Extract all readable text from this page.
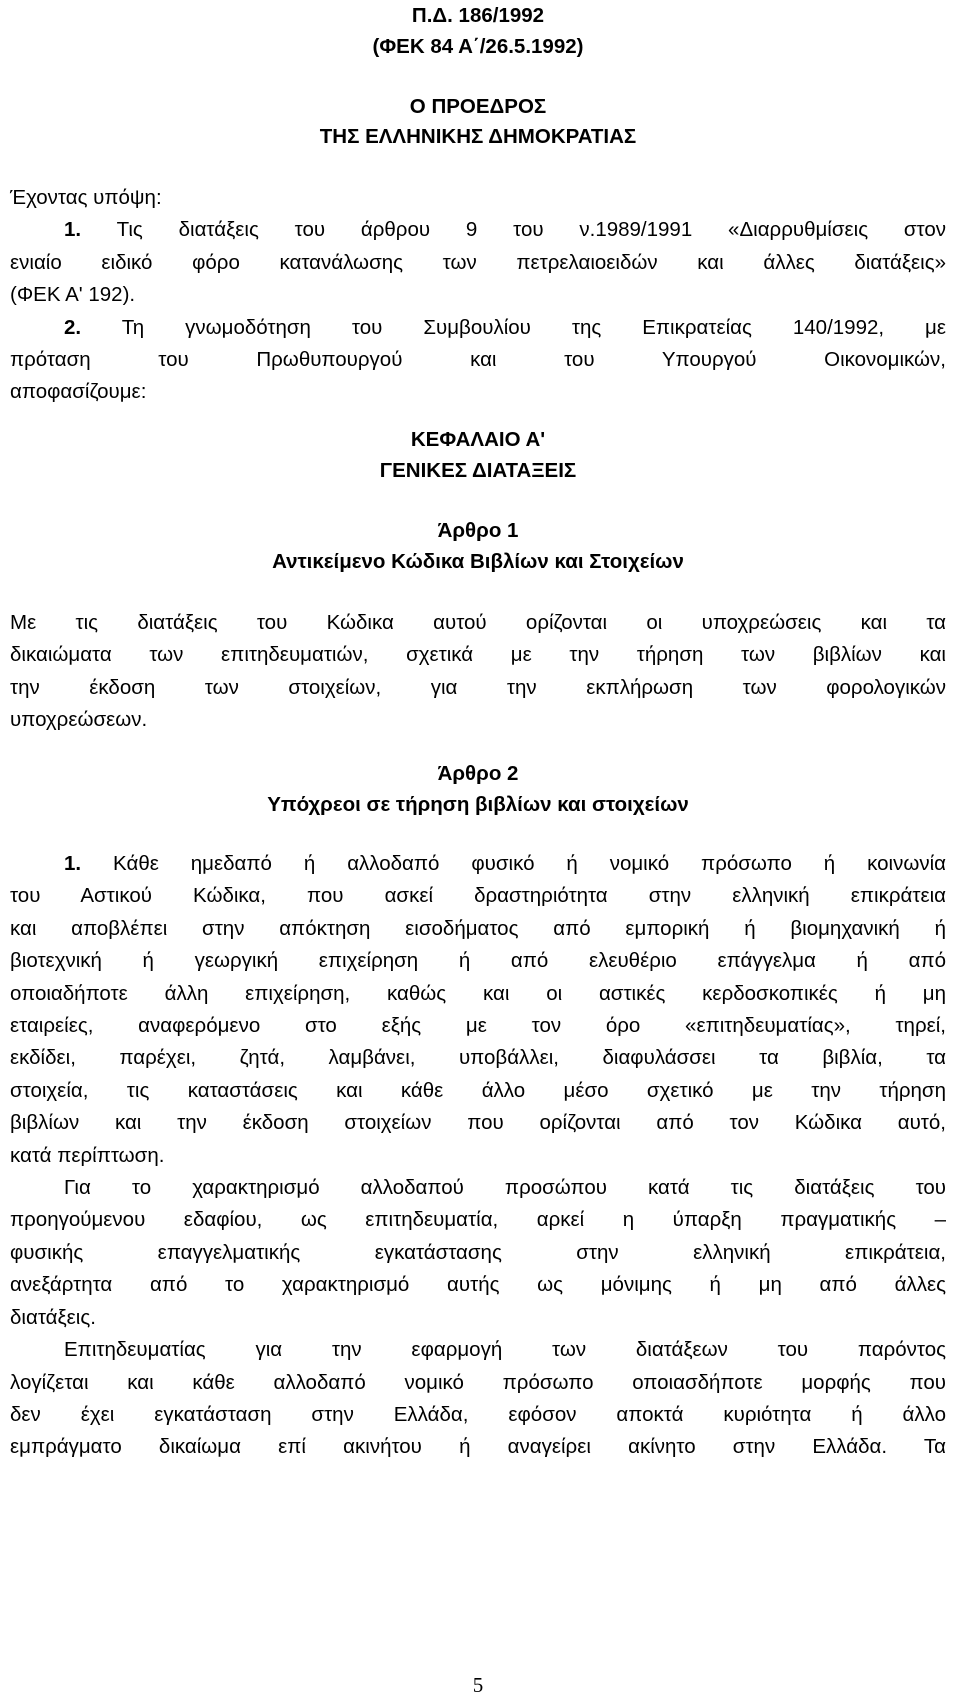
Π.Δ. 186/1992
(ΦΕΚ 84 Α΄/26.5.1992)
Ο ΠΡΟΕΔΡΟΣ
ΤΗΣ ΕΛΛΗΝΙΚΗΣ ΔΗΜΟΚΡΑΤΙΑΣ
Έχοντας υπόψη:
1. Τις διατάξεις του άρθρου 9 του ν.1989/1991 «Διαρρυθμίσεις στον
ενιαίο ειδικό φόρο κατανάλωσης των πετρελαιοειδών και άλλες διατάξεις»
(ΦΕΚ Α' 192).
2. Τη γνωμοδότηση του Συμβουλίου της Επικρατείας 140/1992, με
πρόταση του Πρωθυπουργού και του Υπουργού Οικονομικών,
αποφασίζουμε:
ΚΕΦΑΛΑΙΟ Α'
ΓΕΝΙΚΕΣ ΔΙΑΤΑΞΕΙΣ
Άρθρο 1
Αντικείμενο Κώδικα Βιβλίων και Στοιχείων
Με τις διατάξεις του Κώδικα αυτού ορίζονται οι υποχρεώσεις και τα
δικαιώματα των επιτηδευματιών, σχετικά με την τήρηση των βιβλίων και
την έκδοση των στοιχείων, για την εκπλήρωση των φορολογικών
υποχρεώσεων.
Άρθρο 2
Υπόχρεοι σε τήρηση βιβλίων και στοιχείων
1. Κάθε ημεδαπό ή αλλοδαπό φυσικό ή νομικό πρόσωπο ή κοινωνία
του Αστικού Κώδικα, που ασκεί δραστηριότητα στην ελληνική επικράτεια
και αποβλέπει στην απόκτηση εισοδήματος από εμπορική ή βιομηχανική ή
βιοτεχνική ή γεωργική επιχείρηση ή από ελευθέριο επάγγελμα ή από
οποιαδήποτε άλλη επιχείρηση, καθώς και οι αστικές κερδοσκοπικές ή μη
εταιρείες, αναφερόμενο στο εξής με τον όρο «επιτηδευματίας», τηρεί,
εκδίδει, παρέχει, ζητά, λαμβάνει, υποβάλλει, διαφυλάσσει τα βιβλία, τα
στοιχεία, τις καταστάσεις και κάθε άλλο μέσο σχετικό με την τήρηση
βιβλίων και την έκδοση στοιχείων που ορίζονται από τον Κώδικα αυτό,
κατά περίπτωση.
Για το χαρακτηρισμό αλλοδαπού προσώπου κατά τις διατάξεις του
προηγούμενου εδαφίου, ως επιτηδευματία, αρκεί η ύπαρξη πραγματικής –
φυσικής επαγγελματικής εγκατάστασης στην ελληνική επικράτεια,
ανεξάρτητα από το χαρακτηρισμό αυτής ως μόνιμης ή μη από άλλες
διατάξεις.
Επιτηδευματίας για την εφαρμογή των διατάξεων του παρόντος
λογίζεται και κάθε αλλοδαπό νομικό πρόσωπο οποιασδήποτε μορφής που
δεν έχει εγκατάσταση στην Ελλάδα, εφόσον αποκτά κυριότητα ή άλλο
εμπράγματο δικαίωμα επί ακινήτου ή αναγείρει ακίνητο στην Ελλάδα. Τα
5
